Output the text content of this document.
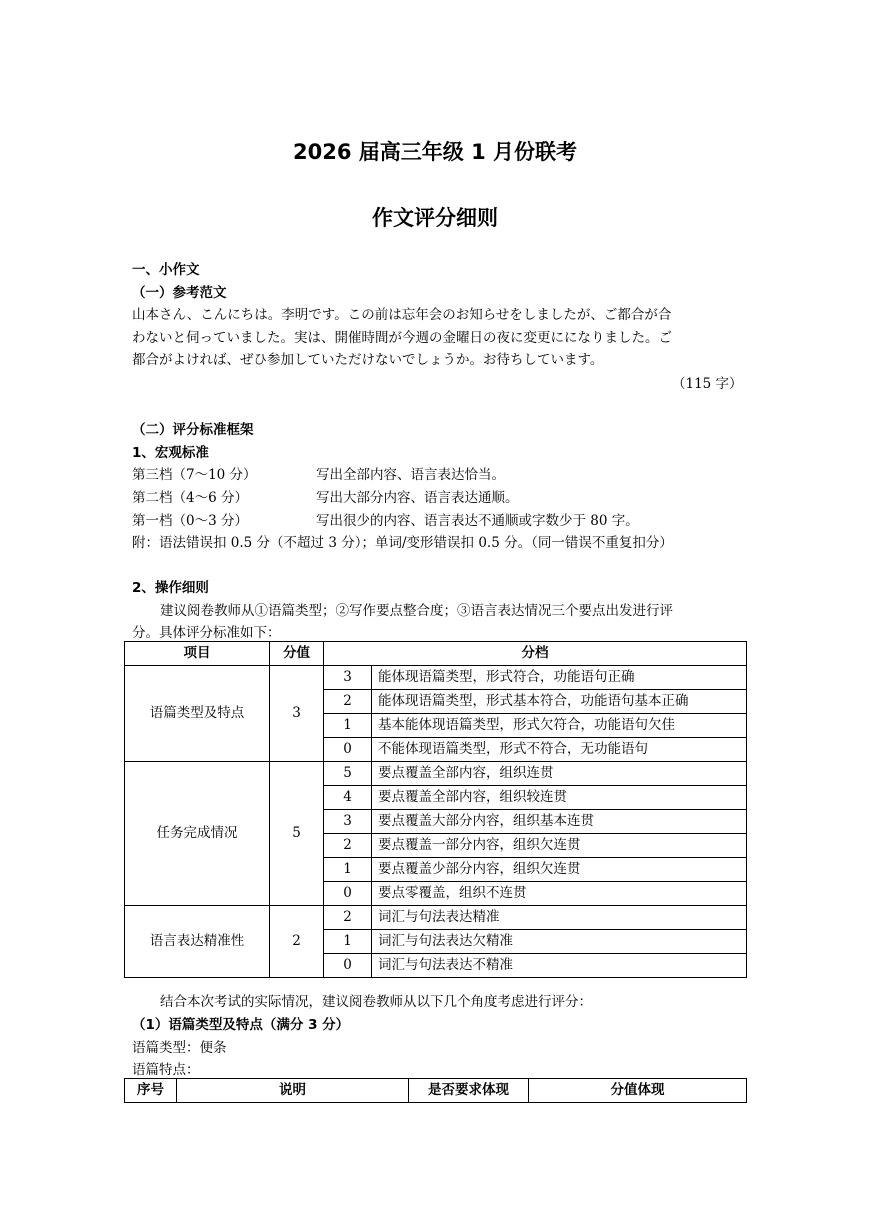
2026 届高三年级 1 月份联考
作文评分细则
一、小作文
（一）参考范文
山本さん、こんにちは。李明です。この前は忘年会のお知らせをしましたが、ご都合が合
わないと伺っていました。実は、開催時間が今週の金曜日の夜に変更にになりました。ご
都合がよければ、ぜひ参加していただけないでしょうか。お待ちしています。
（115 字）
（二）评分标准框架
1、宏观标准
第三档（7～10 分）	写出全部内容、语言表达恰当。
第二档（4～6 分）	写出大部分内容、语言表达通顺。
第一档（0～3 分）	写出很少的内容、语言表达不通顺或字数少于 80 字。
附：语法错误扣 0.5 分（不超过 3 分）；单词/变形错误扣 0.5 分。（同一错误不重复扣分）
2、操作细则
建议阅卷教师从①语篇类型；②写作要点整合度；③语言表达情况三个要点出发进行评
分。具体评分标准如下：
项目	分值	分档	
语篇类型及特点	3	3	能体现语篇类型，形式符合，功能语句正确
		2	能体现语篇类型，形式基本符合，功能语句基本正确
		1	基本能体现语篇类型，形式欠符合，功能语句欠佳
		0	不能体现语篇类型，形式不符合，无功能语句
任务完成情况	5	5	要点覆盖全部内容，组织连贯
		4	要点覆盖全部内容，组织较连贯
		3	要点覆盖大部分内容，组织基本连贯
		2	要点覆盖一部分内容，组织欠连贯
		1	要点覆盖少部分内容，组织欠连贯
		0	要点零覆盖，组织不连贯
语言表达精准性	2	2	词汇与句法表达精准
		1	词汇与句法表达欠精准
		0	词汇与句法表达不精准
结合本次考试的实际情况，建议阅卷教师从以下几个角度考虑进行评分：
（1）语篇类型及特点（满分 3 分）
语篇类型：便条
语篇特点：
序号	说明	是否要求体现	分值体现
